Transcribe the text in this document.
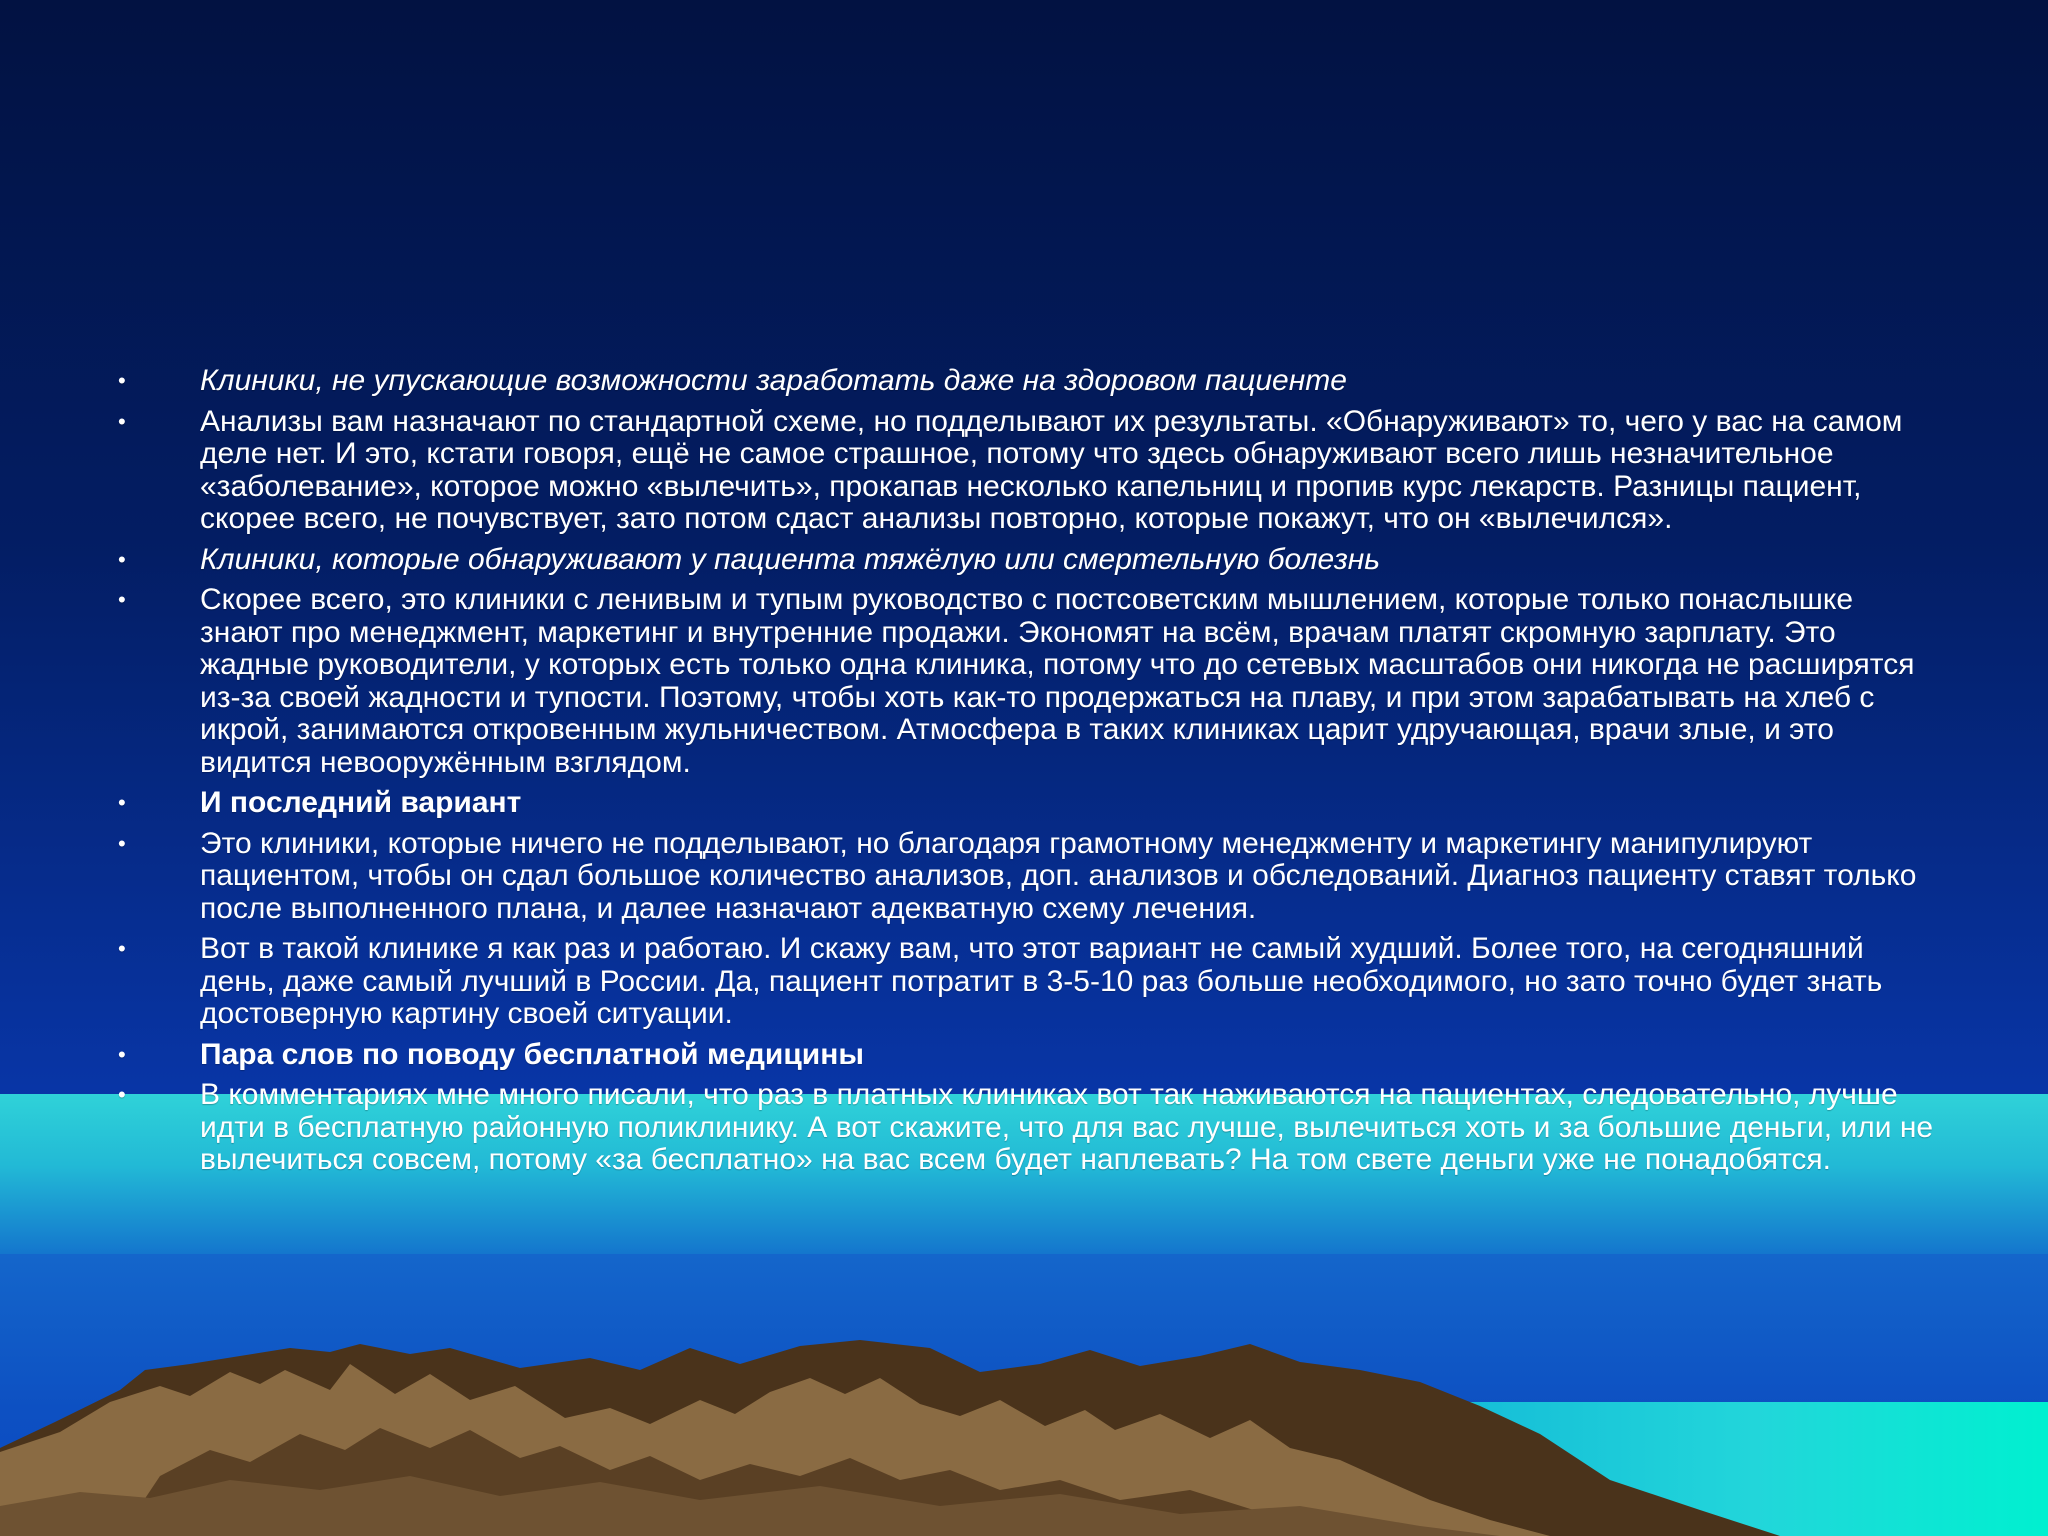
•	Клиники, не упускающие возможности заработать даже на здоровом пациенте
•	Анализы вам назначают по стандартной схеме, но подделывают их результаты. «Обнаруживают» то, чего у вас на самом деле нет. И это, кстати говоря, ещё не самое страшное, потому что здесь обнаруживают всего лишь незначительное «заболевание», которое можно «вылечить», прокапав несколько капельниц и пропив курс лекарств. Разницы пациент, скорее всего, не почувствует, зато потом сдаст анализы повторно, которые покажут, что он «вылечился».
•	Клиники, которые обнаруживают у пациента тяжёлую или смертельную болезнь
•	Скорее всего, это клиники с ленивым и тупым руководство с постсоветским мышлением, которые только понаслышке знают про менеджмент, маркетинг и внутренние продажи. Экономят на всём, врачам платят скромную зарплату. Это жадные руководители, у которых есть только одна клиника, потому что до сетевых масштабов они никогда не расширятся из-за своей жадности и тупости. Поэтому, чтобы хоть как-то продержаться на плаву, и при этом зарабатывать на хлеб с икрой, занимаются откровенным жульничеством. Атмосфера в таких клиниках царит удручающая, врачи злые, и это видится невооружённым взглядом.
•	И последний вариант
•	Это клиники, которые ничего не подделывают, но благодаря грамотному менеджменту и маркетингу манипулируют пациентом, чтобы он сдал большое количество анализов, доп. анализов и обследований. Диагноз пациенту ставят только после выполненного плана, и далее назначают адекватную схему лечения.
•	Вот в такой клинике я как раз и работаю. И скажу вам, что этот вариант не самый худший. Более того, на сегодняшний день, даже самый лучший в России. Да, пациент потратит в 3-5-10 раз больше необходимого, но зато точно будет знать достоверную картину своей ситуации.
•	Пара слов по поводу бесплатной медицины
•	В комментариях мне много писали, что раз в платных клиниках вот так наживаются на пациентах, следовательно, лучше идти в бесплатную районную поликлинику. А вот скажите, что для вас лучше, вылечиться хоть и за большие деньги, или не вылечиться совсем, потому «за бесплатно» на вас всем будет наплевать? На том свете деньги уже не понадобятся.
